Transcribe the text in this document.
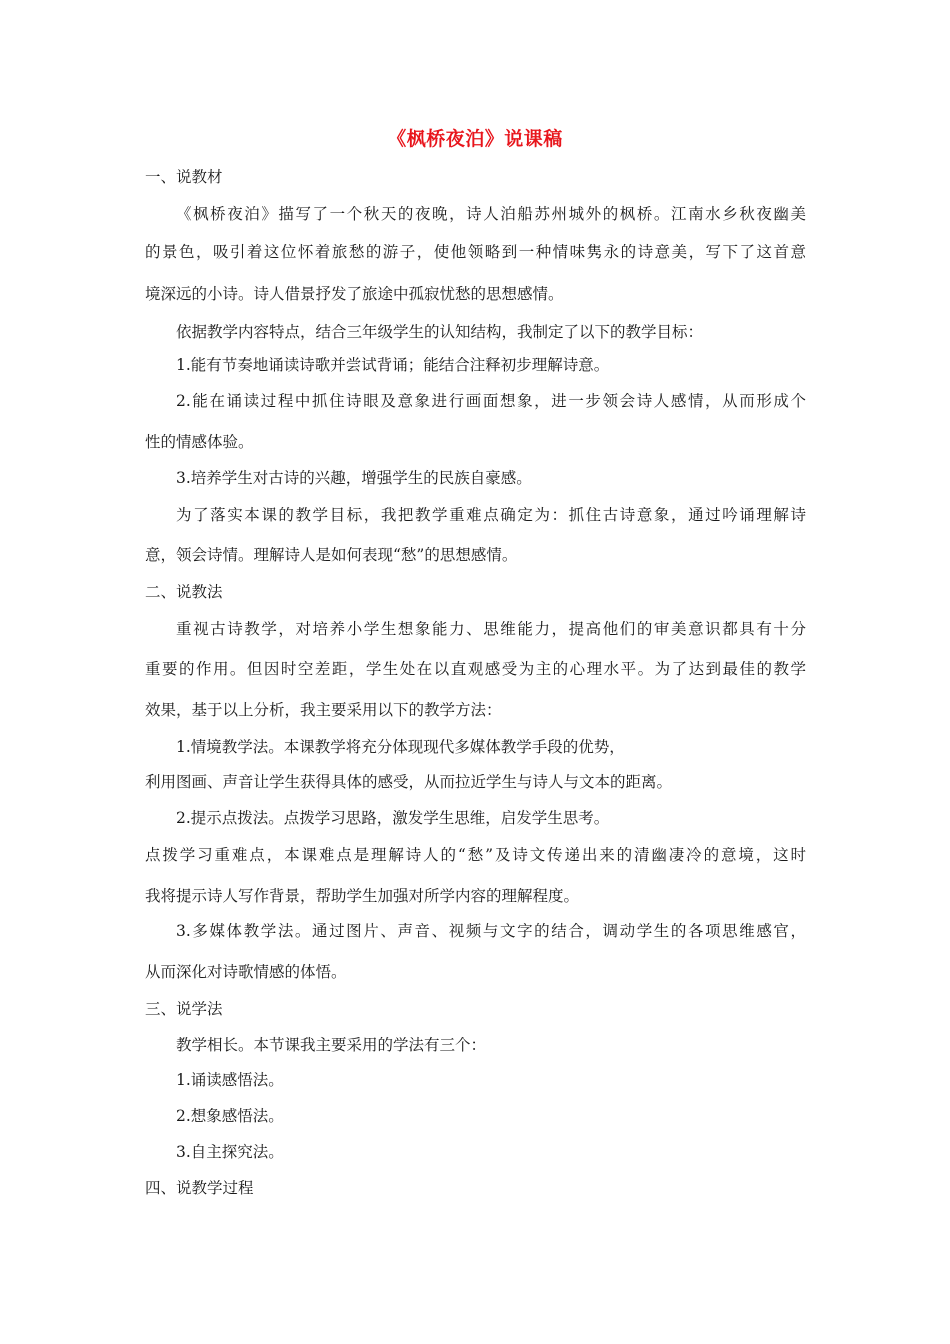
《枫桥夜泊》说课稿
一、说教材
《枫桥夜泊》描写了一个秋天的夜晚，诗人泊船苏州城外的枫桥。江南水乡秋夜幽美
的景色，吸引着这位怀着旅愁的游子，使他领略到一种情味隽永的诗意美，写下了这首意
境深远的小诗。诗人借景抒发了旅途中孤寂忧愁的思想感情。
依据教学内容特点，结合三年级学生的认知结构，我制定了以下的教学目标：
1.能有节奏地诵读诗歌并尝试背诵；能结合注释初步理解诗意。
2.能在诵读过程中抓住诗眼及意象进行画面想象，进一步领会诗人感情，从而形成个
性的情感体验。
3.培养学生对古诗的兴趣，增强学生的民族自豪感。
为了落实本课的教学目标，我把教学重难点确定为：抓住古诗意象，通过吟诵理解诗
意，领会诗情。理解诗人是如何表现“愁”的思想感情。
二、说教法
重视古诗教学，对培养小学生想象能力、思维能力，提高他们的审美意识都具有十分
重要的作用。但因时空差距，学生处在以直观感受为主的心理水平。为了达到最佳的教学
效果，基于以上分析，我主要采用以下的教学方法：
1.情境教学法。本课教学将充分体现现代多媒体教学手段的优势，
利用图画、声音让学生获得具体的感受，从而拉近学生与诗人与文本的距离。
2.提示点拨法。点拨学习思路，激发学生思维，启发学生思考。
点拨学习重难点，本课难点是理解诗人的“愁”及诗文传递出来的清幽凄冷的意境，这时
我将提示诗人写作背景，帮助学生加强对所学内容的理解程度。
3.多媒体教学法。通过图片、声音、视频与文字的结合，调动学生的各项思维感官，
从而深化对诗歌情感的体悟。
三、说学法
教学相长。本节课我主要采用的学法有三个：
1.诵读感悟法。
2.想象感悟法。
3.自主探究法。
四、说教学过程
